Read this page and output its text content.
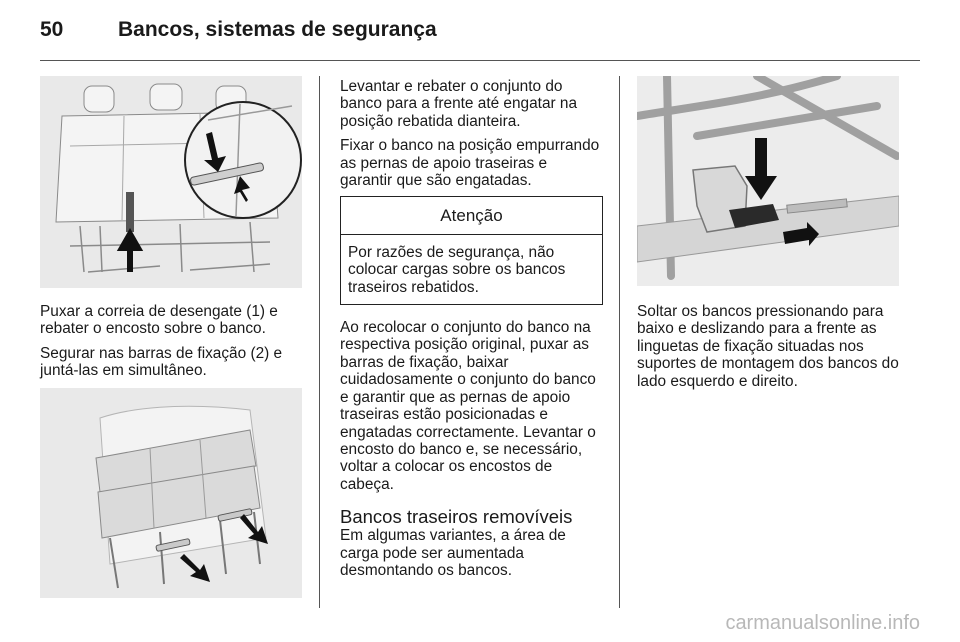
50	Bancos, sistemas de segurança

Puxar a correia de desengate (1) e rebater o encosto sobre o banco.

Segurar nas barras de fixação (2) e juntá-las em simultâneo.

Levantar e rebater o conjunto do banco para a frente até engatar na posição rebatida dianteira.

Fixar o banco na posição empurrando as pernas de apoio traseiras e garantir que são engatadas.

Atenção
Por razões de segurança, não colocar cargas sobre os bancos traseiros rebatidos.

Ao recolocar o conjunto do banco na respectiva posição original, puxar as barras de fixação, baixar cuidadosamente o conjunto do banco e garantir que as pernas de apoio traseiras estão posicionadas e engatadas correctamente. Levantar o encosto do banco e, se necessário, voltar a colocar os encostos de cabeça.

Bancos traseiros removíveis

Em algumas variantes, a área de carga pode ser aumentada desmontando os bancos.

Soltar os bancos pressionando para baixo e deslizando para a frente as linguetas de fixação situadas nos suportes de montagem dos bancos do lado esquerdo e direito.

carmanualsonline.info
